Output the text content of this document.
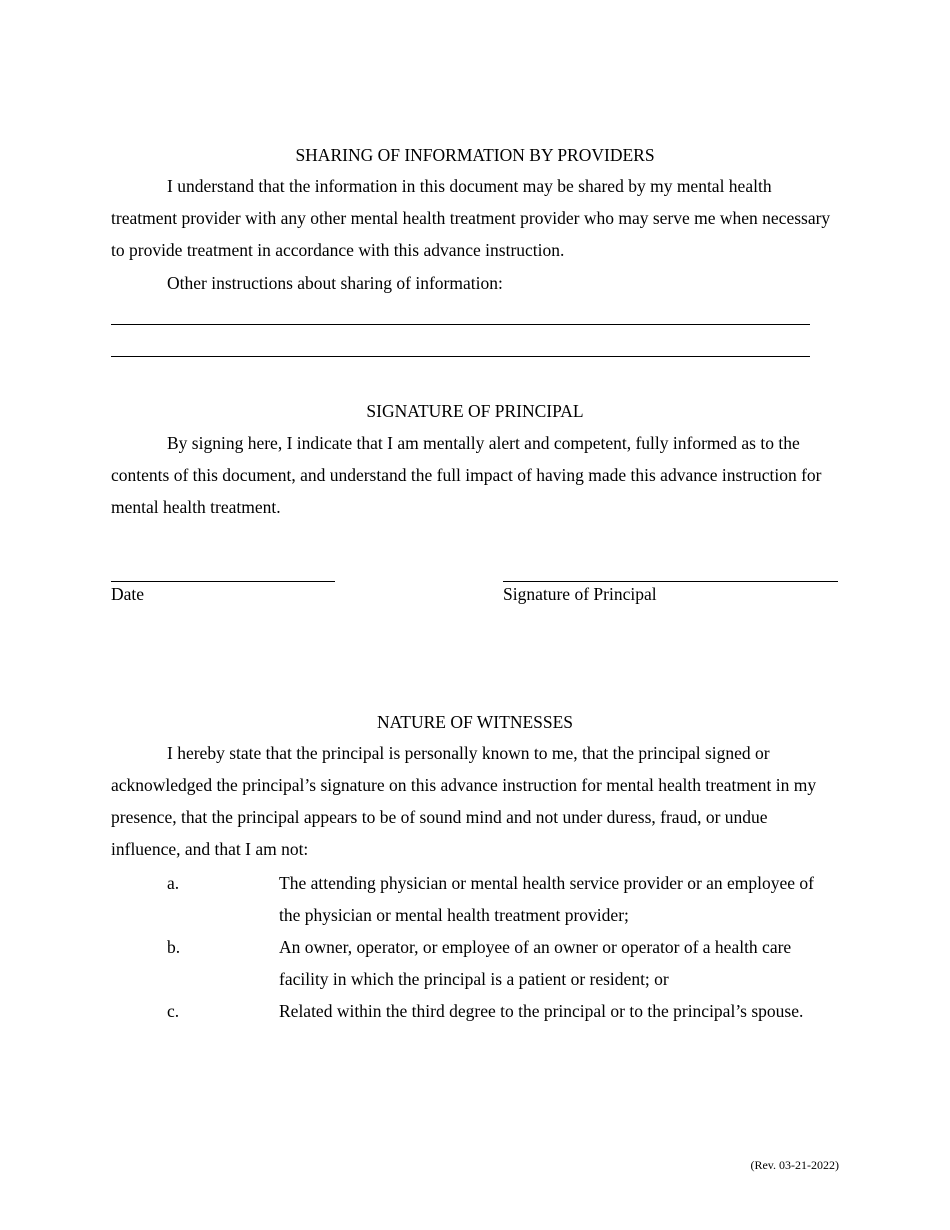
SHARING OF INFORMATION BY PROVIDERS

I understand that the information in this document may be shared by my mental health treatment provider with any other mental health treatment provider who may serve me when necessary to provide treatment in accordance with this advance instruction.

Other instructions about sharing of information:
SIGNATURE OF PRINCIPAL

By signing here, I indicate that I am mentally alert and competent, fully informed as to the contents of this document, and understand the full impact of having made this advance instruction for mental health treatment.

Date	Signature of Principal
NATURE OF WITNESSES

I hereby state that the principal is personally known to me, that the principal signed or acknowledged the principal’s signature on this advance instruction for mental health treatment in my presence, that the principal appears to be of sound mind and not under duress, fraud, or undue influence, and that I am not:

a.	The attending physician or mental health service provider or an employee of the physician or mental health treatment provider;

b.	An owner, operator, or employee of an owner or operator of a health care facility in which the principal is a patient or resident; or

c.	Related within the third degree to the principal or to the principal’s spouse.

(Rev. 03-21-2022)
